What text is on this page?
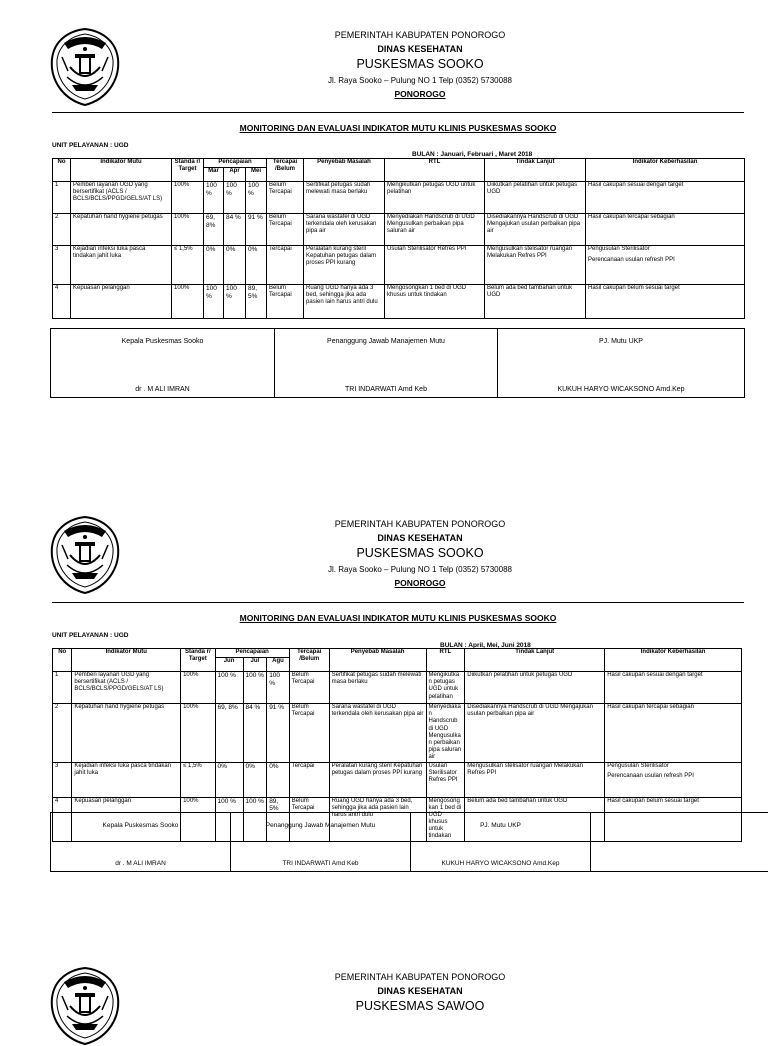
PEMERINTAH KABUPATEN PONOROGO
DINAS KESEHATAN
PUSKESMAS SOOKO
Jl. Raya Sooko – Pulung NO 1 Telp (0352) 5730088
PONOROGO
MONITORING DAN EVALUASI INDIKATOR MUTU KLINIS PUSKESMAS SOOKO
UNIT PELAYANAN : UGD
BULAN : Januari, Februari , Maret 2018
No	Indikator Mutu	Standa r/ Target	Pencapaian			Tercapai /Belum	Penyebab Masalah	RTL	Tindak Lanjut	Indikator Keberhasilan
			Mar	Apr	Mei					
1	Pemberi layanan UGD yang bersertifikat (ACLS / BCLS/BCLS/PPGD/GELS/AT LS)	100%	100 %	100 %	100 %	Belum Tercapai	Sertifikat petugas sudah melewati masa berlaku	Mengikutkan petugas UGD untuk pelatihan	Diikutkan pelatihan untuk petugas UGD	Hasil cakupan sesuai dengan target
2	Kepatuhan hand hygiene petugas	100%	69, 8%	84 %	91 %	Belum Tercapai	Sarana wastafel di UGD terkendala oleh kerusakan pipa air	Menyediakan Handscrub di UGD Mengusulkan perbaikan pipa saluran air	Disediakannya Handscrub di UGD Mengajukan usulan perbaikan pipa air	Hasil cakupan tercapai sebagian
3	Kejadian infeksi luka pasca tindakan jahit luka	≤ 1,5%	0%	0%	0%	Tercapai	Peralatan kurang steril Kepatuhan petugas dalam proses PPI kurang	Usulan Sterilisator Refres PPI	Mengusulkan stelisator ruangan Melakukan Refres PPI	Pengusulan Sterilisator
Perencanaan usulan refresh PPI

4	Kepuasan pelanggan	100%	100 %	100 %	89, 5%	Belum Tercapai	Ruang UGD hanya ada 3 bed, sehingga jika ada pasien lain harus antri dulu	Mengosongkan 1 bed di UGD khusus untuk tindakan	Belum ada bed tambahan untuk UGD	Hasil cakupan belum sesuai target
Kepala Puskesmas Sooko
dr . M ALI IMRAN

Penanggung Jawab Manajemen Mutu
TRI INDARWATI Amd Keb

PJ. Mutu UKP
KUKUH HARYO WICAKSONO Amd.Kep
PEMERINTAH KABUPATEN PONOROGO
DINAS KESEHATAN
PUSKESMAS SOOKO
Jl. Raya Sooko – Pulung NO 1 Telp (0352) 5730088
PONOROGO
MONITORING DAN EVALUASI INDIKATOR MUTU KLINIS PUSKESMAS SOOKO
UNIT PELAYANAN : UGD
BULAN : April, Mei, Juni 2018
No	Indikator Mutu	Standa r/ Target	Pencapaian			Tercapai /Belum	Penyebab Masalah	RTL	Tindak Lanjut	Indikator Keberhasilan
			Jun	Jul	Agu					
1	Pemberi layanan UGD yang bersertifikat (ACLS / BCLS/BCLS/PPGD/GELS/AT LS)	100%	100 %	100 %	100 %	Belum Tercapai	Sertifikat petugas sudah melewati masa berlaku	Mengikutkan petugas UGD untuk pelatihan	Diikutkan pelatihan untuk petugas UGD	Hasil cakupan sesuai dengan target
2	Kepatuhan hand hygiene petugas	100%	69, 8%	84 %	91 %	Belum Tercapai	Sarana wastafel di UGD terkendala oleh kerusakan pipa air	Menyediakan Handscrub di UGD Mengusulkan perbaikan pipa saluran air	Disediakannya Handscrub di UGD Mengajukan usulan perbaikan pipa air	Hasil cakupan tercapai sebagian
3	Kejadian infeksi luka pasca tindakan jahit luka	≤ 1,5%	0%	0%	0%	Tercapai	Peralatan kurang steril Kepatuhan petugas dalam proses PPI kurang	Usulan Sterilisator Refres PPI	Mengusulkan stelisator ruangan Melakukan Refres PPI	Pengusulan Sterilisator
Perencanaan usulan refresh PPI

4	Kepuasan pelanggan	100%	100 %	100 %	89, 5%	Belum Tercapai	Ruang UGD hanya ada 3 bed, sehingga jika ada pasien lain harus antri dulu	Mengosongkan 1 bed di UGD khusus untuk tindakan	Belum ada bed tambahan untuk UGD	Hasil cakupan belum sesuai target
Kepala Puskesmas Sooko
dr . M ALI IMRAN

Penanggung Jawab Manajemen Mutu
TRI INDARWATI Amd Keb

PJ. Mutu UKP
KUKUH HARYO WICAKSONO Amd.Kep

PEMERINTAH KABUPATEN PONOROGO
DINAS KESEHATAN
PUSKESMAS SAWOO
